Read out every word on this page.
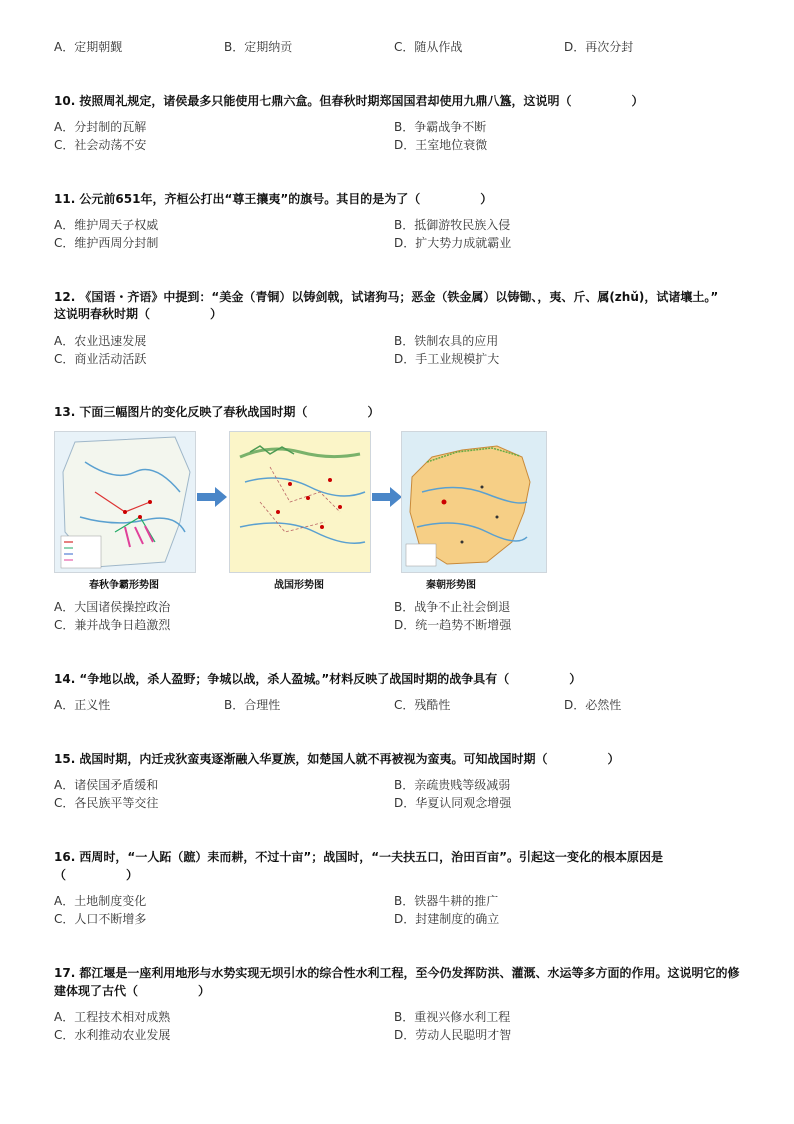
A．定期朝觐	B．定期纳贡	C．随从作战	D．再次分封
10. 按照周礼规定，诸侯最多只能使用七鼎六盒。但春秋时期郑国国君却使用九鼎八簋，这说明（　　　　　）
A．分封制的瓦解	B．争霸战争不断
C．社会动荡不安	D．王室地位衰微
11. 公元前651年，齐桓公打出“尊王攘夷”的旗号。其目的是为了（　　　　　）
A．维护周天子权威	B．抵御游牧民族入侵
C．维护西周分封制	D．扩大势力成就霸业
12. 《国语・齐语》中提到：“美金（青铜）以铸剑戟，试诸狗马；恶金（铁金属）以铸锄、，夷、斤、属(zhǔ)，试诸壤土。”
这说明春秋时期（　　　　　）
A．农业迅速发展	B．铁制农具的应用
C．商业活动活跃	D．手工业规模扩大
13. 下面三幅图片的变化反映了春秋战国时期（　　　　　）
春秋争霸形势图	战国形势图	秦朝形势图
A．大国诸侯操控政治	B．战争不止社会倒退
C．兼并战争日趋激烈	D．统一趋势不断增强
14. “争地以战，杀人盈野；争城以战，杀人盈城。”材料反映了战国时期的战争具有（　　　　　）
A．正义性	B．合理性	C．残酷性	D．必然性
15. 战国时期，内迁戎狄蛮夷逐渐融入华夏族，如楚国人就不再被视为蛮夷。可知战国时期（　　　　　）
A．诸侯国矛盾缓和	B．亲疏贵贱等级减弱
C．各民族平等交往	D．华夏认同观念增强
16. 西周时，“一人跖（蹠）耒而耕，不过十亩”；战国时，“一夫扶五口，治田百亩”。引起这一变化的根本原因是
（　　　　　）
A．土地制度变化	B．铁器牛耕的推广
C．人口不断增多	D．封建制度的确立
17. 都江堰是一座利用地形与水势实现无坝引水的综合性水利工程，至今仍发挥防洪、灌溉、水运等多方面的作用。这说明它的修
建体现了古代（　　　　　）
A．工程技术相对成熟	B．重视兴修水利工程
C．水利推动农业发展	D．劳动人民聪明才智
